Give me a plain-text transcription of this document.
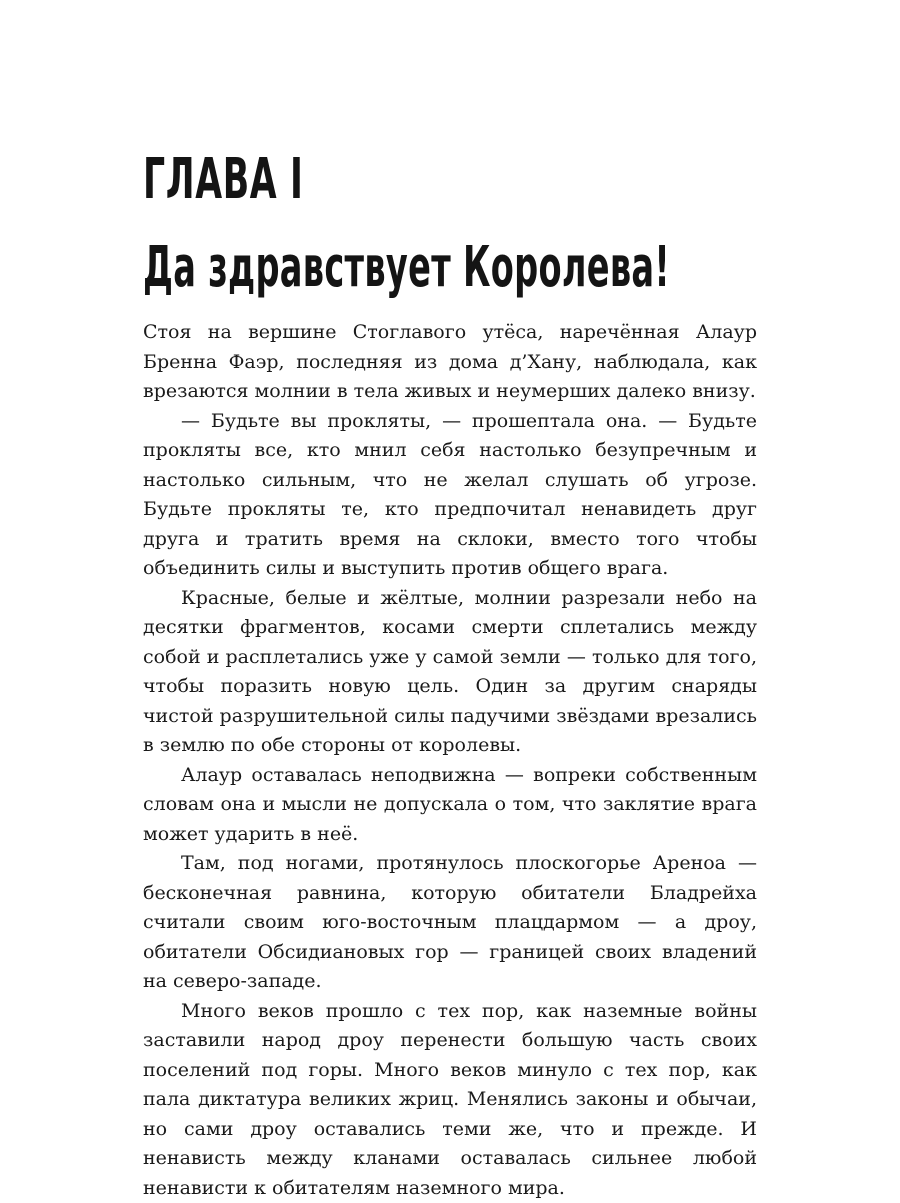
ГЛАВА I
Да здравствует Королева!

Стоя на вершине Стоглавого утёса, наречённая Алаур Бренна Фаэр, последняя из дома д’Хану, наблюдала, как врезаются молнии в тела живых и неумерших далеко внизу.

— Будьте вы прокляты, — прошептала она. — Будьте прокляты все, кто мнил себя настолько безупречным и настолько сильным, что не желал слушать об угрозе. Будьте прокляты те, кто предпочитал ненавидеть друг друга и тратить время на склоки, вместо того чтобы объединить силы и выступить против общего врага.

Красные, белые и жёлтые, молнии разрезали небо на десятки фрагментов, косами смерти сплетались между собой и расплетались уже у самой земли — только для того, чтобы поразить новую цель. Один за другим снаряды чистой разрушительной силы падучими звёздами врезались в землю по обе стороны от королевы.

Алаур оставалась неподвижна — вопреки собственным словам она и мысли не допускала о том, что заклятие врага может ударить в неё.

Там, под ногами, протянулось плоскогорье Ареноа — бесконечная равнина, которую обитатели Бладрейха считали своим юго-восточным плацдармом — а дроу, обитатели Обсидиановых гор — границей своих владений на северо-западе.

Много веков прошло с тех пор, как наземные войны заставили народ дроу перенести большую часть своих поселений под горы. Много веков минуло с тех пор, как пала диктатура великих жриц. Менялись законы и обычаи, но сами дроу оставались теми же, что и прежде. И ненависть между кланами оставалась сильнее любой ненависти к обитателям наземного мира.
